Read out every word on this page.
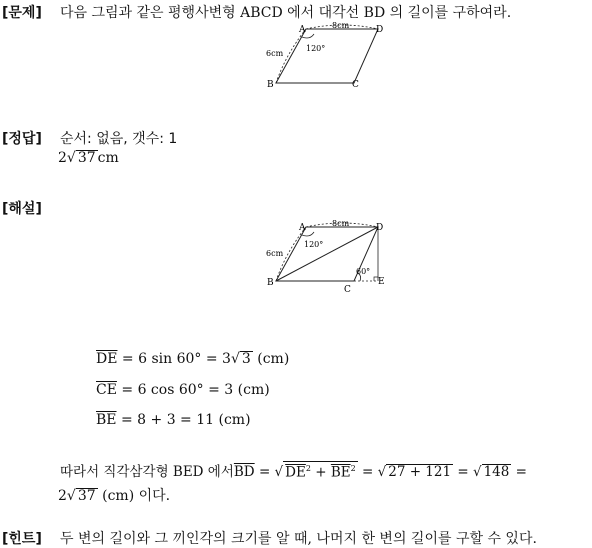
[문제] 다음 그림과 같은 평행사변형 ABCD 에서 대각선 BD 의 길이를 구하여라.
A	D
B	C
8cm
6cm
120°
[정답] 순서: 없음, 갯수: 1
2√ 37 cm
[해설]
A	D
B
C
E
8cm
6cm
120°
60°
$\overline{DE} = 6$ sin 60° = 3√ 3 (cm)
$\overline{CE} = 6$ cos 60° = 3 (cm)
$\overline{BE} = 8 + 3 = 11$ (cm)
따라서 직각삼각형 BED 에서$\overline{BD}$ = √ $DE^2 + \overline{BE}^2$ = √ 27 + 121 = √ 148 =
2√ 37 (cm) 이다.
[힌트] 두 변의 길이와 그 끼인각의 크기를 알 때, 나머지 한 변의 길이를 구할 수 있다.
